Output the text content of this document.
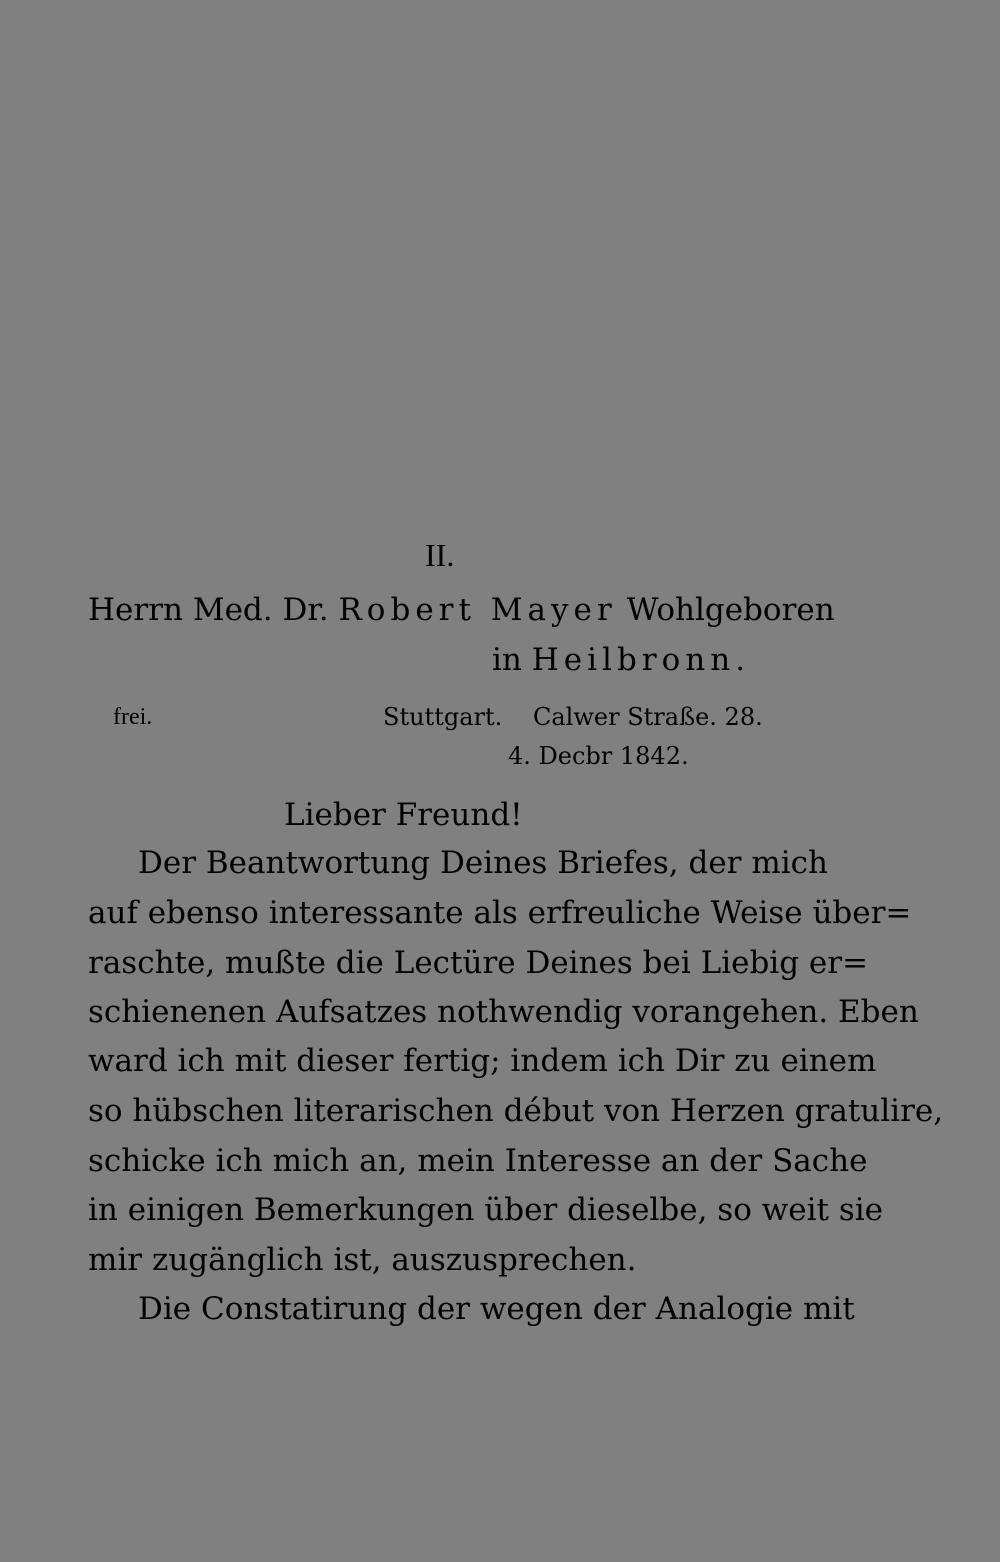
II.
Herrn Med. Dr. Robert Mayer Wohlgeboren
in Heilbronn.
frei.	Stuttgart. Calwer Straße. 28.
4. Decbr 1842.
Lieber Freund!
Der Beantwortung Deines Briefes, der mich
auf ebenso interessante als erfreuliche Weise über=
raschte, mußte die Lectüre Deines bei Liebig er=
schienenen Aufsatzes nothwendig vorangehen. Eben
ward ich mit dieser fertig; indem ich Dir zu einem
so hübschen literarischen début von Herzen gratulire,
schicke ich mich an, mein Interesse an der Sache
in einigen Bemerkungen über dieselbe, so weit sie
mir zugänglich ist, auszusprechen.
Die Constatirung der wegen der Analogie mit
